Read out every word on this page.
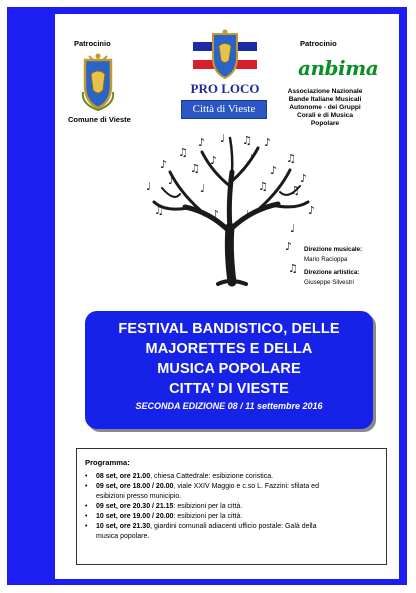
Patrocinio
Comune di Vieste
PRO LOCO
Città di Vieste
Patrocinio
anbima
Associazione Nazionale
Bande Italiane Musicali
Autonome - dei Gruppi
Corali e di Musica
Popolare
♪
♫
♪ ♩ ♫ ♪
♫
♪
♩ ♪
♫
♪	♩
♪
♫
♫
♩	♫
♪
♪ ♩
♩
♪
♫
Direzione musicale:
Mario Racioppa
Direzione artistica:
Giuseppe Silvestri
FESTIVAL BANDISTICO, DELLE
MAJORETTES E DELLA
MUSICA POPOLARE
CITTA’ DI VIESTE
SECONDA EDIZIONE 08 / 11 settembre 2016
Programma:
• 08 set, ore 21.00, chiesa Cattedrale: esibizione coristica.
• 09 set, ore 18.00 / 20.00, viale XXIV Maggio e c.so L. Fazzini: sfilata ed
esibizioni presso municipio.
• 09 set, ore 20.30 / 21.15: esibizioni per la città.
• 10 set, ore 19.00 / 20.00: esibizioni per la città.
• 10 set, ore 21.30, giardini comunali adiacenti ufficio postale: Galà della
musica popolare.
